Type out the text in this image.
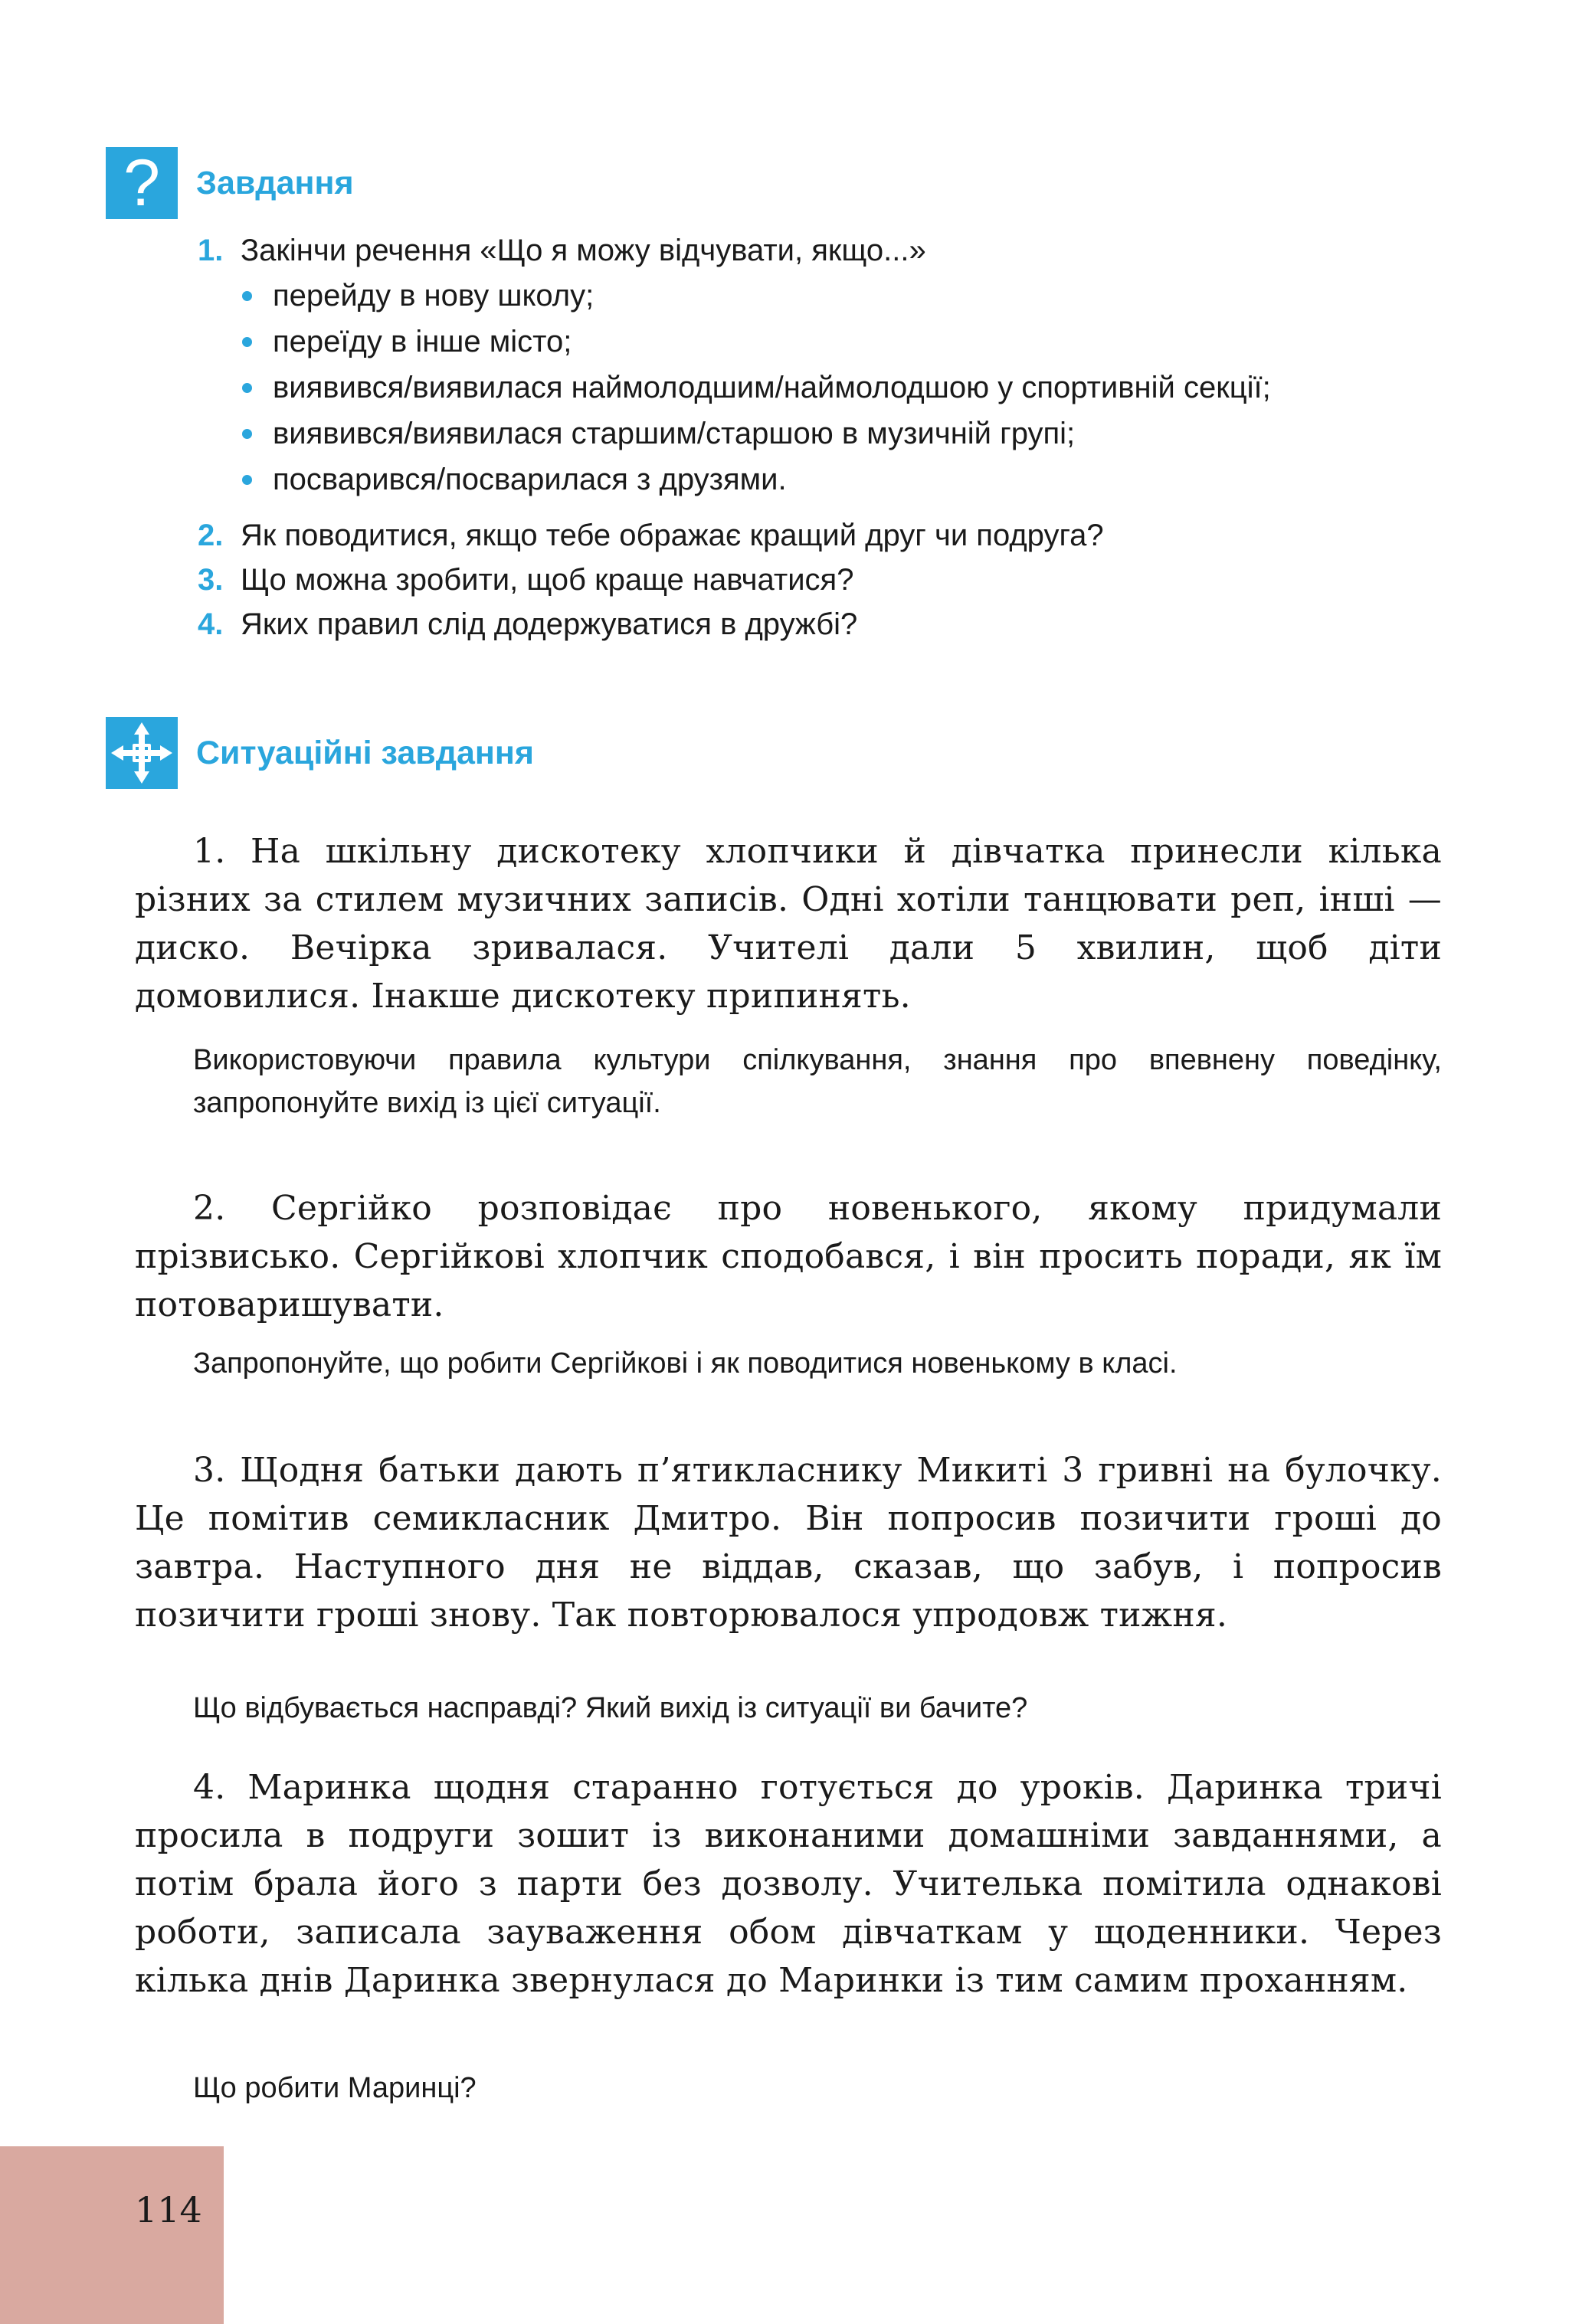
? Завдання
1. Закінчи речення «Що я можу відчувати, якщо...»
перейду в нову школу;
переїду в інше місто;
виявився/виявилася наймолодшим/наймолодшою у спортивній секції;
виявився/виявилася старшим/старшою в музичній групі;
посварився/посварилася з друзями.
2. Як поводитися, якщо тебе ображає кращий друг чи подруга?
3. Що можна зробити, щоб краще навчатися?
4. Яких правил слід додержуватися в дружбі?
Ситуаційні завдання
1. На шкільну дискотеку хлопчики й дівчатка принесли кілька різних за стилем музичних записів. Одні хотіли танцювати реп, інші — диско. Вечірка зривалася. Учителі дали 5 хвилин, щоб діти домовилися. Інакше дискотеку припинять.
Використовуючи правила культури спілкування, знання про впевнену поведінку, запропонуйте вихід із цієї ситуації.
2. Сергійко розповідає про новенького, якому придумали прізвисько. Сергійкові хлопчик сподобався, і він просить поради, як їм потоваришувати.
Запропонуйте, що робити Сергійкові і як поводитися новенькому в класі.
3. Щодня батьки дають п’ятикласнику Микиті 3 гривні на булочку. Це помітив семикласник Дмитро. Він попросив позичити гроші до завтра. Наступного дня не віддав, сказав, що забув, і попросив позичити гроші знову. Так повторювалося упродовж тижня.
Що відбувається насправді? Який вихід із ситуації ви бачите?
4. Маринка щодня старанно готується до уроків. Даринка тричі просила в подруги зошит із виконаними домашніми завданнями, а потім брала його з парти без дозволу. Учителька помітила однакові роботи, записала зауваження обом дівчаткам у щоденники. Через кілька днів Даринка звернулася до Маринки із тим самим проханням.
Що робити Маринці?
114
